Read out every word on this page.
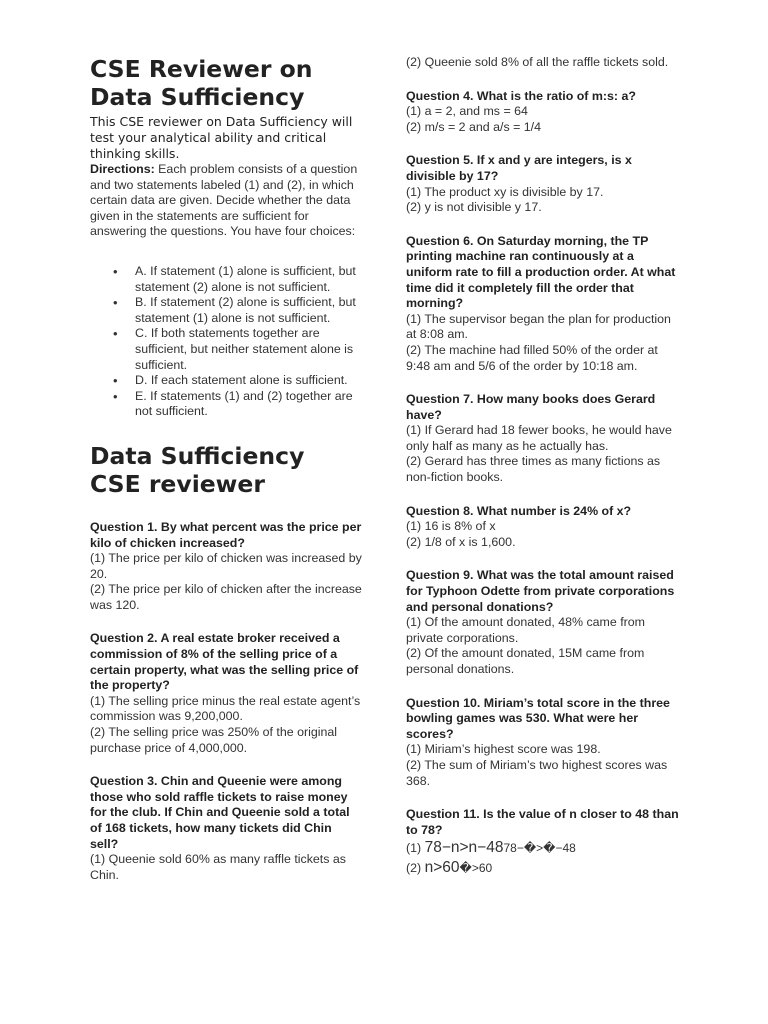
CSE Reviewer on Data Sufficiency

This CSE reviewer on Data Sufficiency will test your analytical ability and critical thinking skills.

Directions: Each problem consists of a question and two statements labeled (1) and (2), in which certain data are given. Decide whether the data given in the statements are sufficient for answering the questions. You have four choices:

• A. If statement (1) alone is sufficient, but statement (2) alone is not sufficient.
• B. If statement (2) alone is sufficient, but statement (1) alone is not sufficient.
• C. If both statements together are sufficient, but neither statement alone is sufficient.
• D. If each statement alone is sufficient.
• E. If statements (1) and (2) together are not sufficient.
Data Sufficiency CSE reviewer

Question 1. By what percent was the price per kilo of chicken increased?

(1) The price per kilo of chicken was increased by 20.

(2) The price per kilo of chicken after the increase was 120.

Question 2. A real estate broker received a commission of 8% of the selling price of a certain property, what was the selling price of the property?

(1) The selling price minus the real estate agent’s commission was 9,200,000.

(2) The selling price was 250% of the original purchase price of 4,000,000.

Question 3. Chin and Queenie were among those who sold raffle tickets to raise money for the club. If Chin and Queenie sold a total of 168 tickets, how many tickets did Chin sell?

(1) Queenie sold 60% as many raffle tickets as Chin.

(2) Queenie sold 8% of all the raffle tickets sold.

Question 4. What is the ratio of m:s: a?

(1) a = 2, and ms = 64

(2) m/s = 2 and a/s = 1/4

Question 5. If x and y are integers, is x divisible by 17?

(1) The product xy is divisible by 17.

(2) y is not divisible y 17.

Question 6. On Saturday morning, the TP printing machine ran continuously at a uniform rate to fill a production order. At what time did it completely fill the order that morning?

(1) The supervisor began the plan for production at 8:08 am.

(2) The machine had filled 50% of the order at 9:48 am and 5/6 of the order by 10:18 am.

Question 7. How many books does Gerard have?

(1) If Gerard had 18 fewer books, he would have only half as many as he actually has.

(2) Gerard has three times as many fictions as non-fiction books.

Question 8. What number is 24% of x?

(1) 16 is 8% of x

(2) 1/8 of x is 1,600.

Question 9. What was the total amount raised for Typhoon Odette from private corporations and personal donations?

(1) Of the amount donated, 48% came from private corporations.

(2) Of the amount donated, 15M came from personal donations.

Question 10. Miriam’s total score in the three bowling games was 530. What were her scores?

(1) Miriam’s highest score was 198.

(2) The sum of Miriam’s two highest scores was 368.

Question 11. Is the value of n closer to 48 than to 78?

(1) 78−n>n−4878−�>�−48
(2) n>60�>60
